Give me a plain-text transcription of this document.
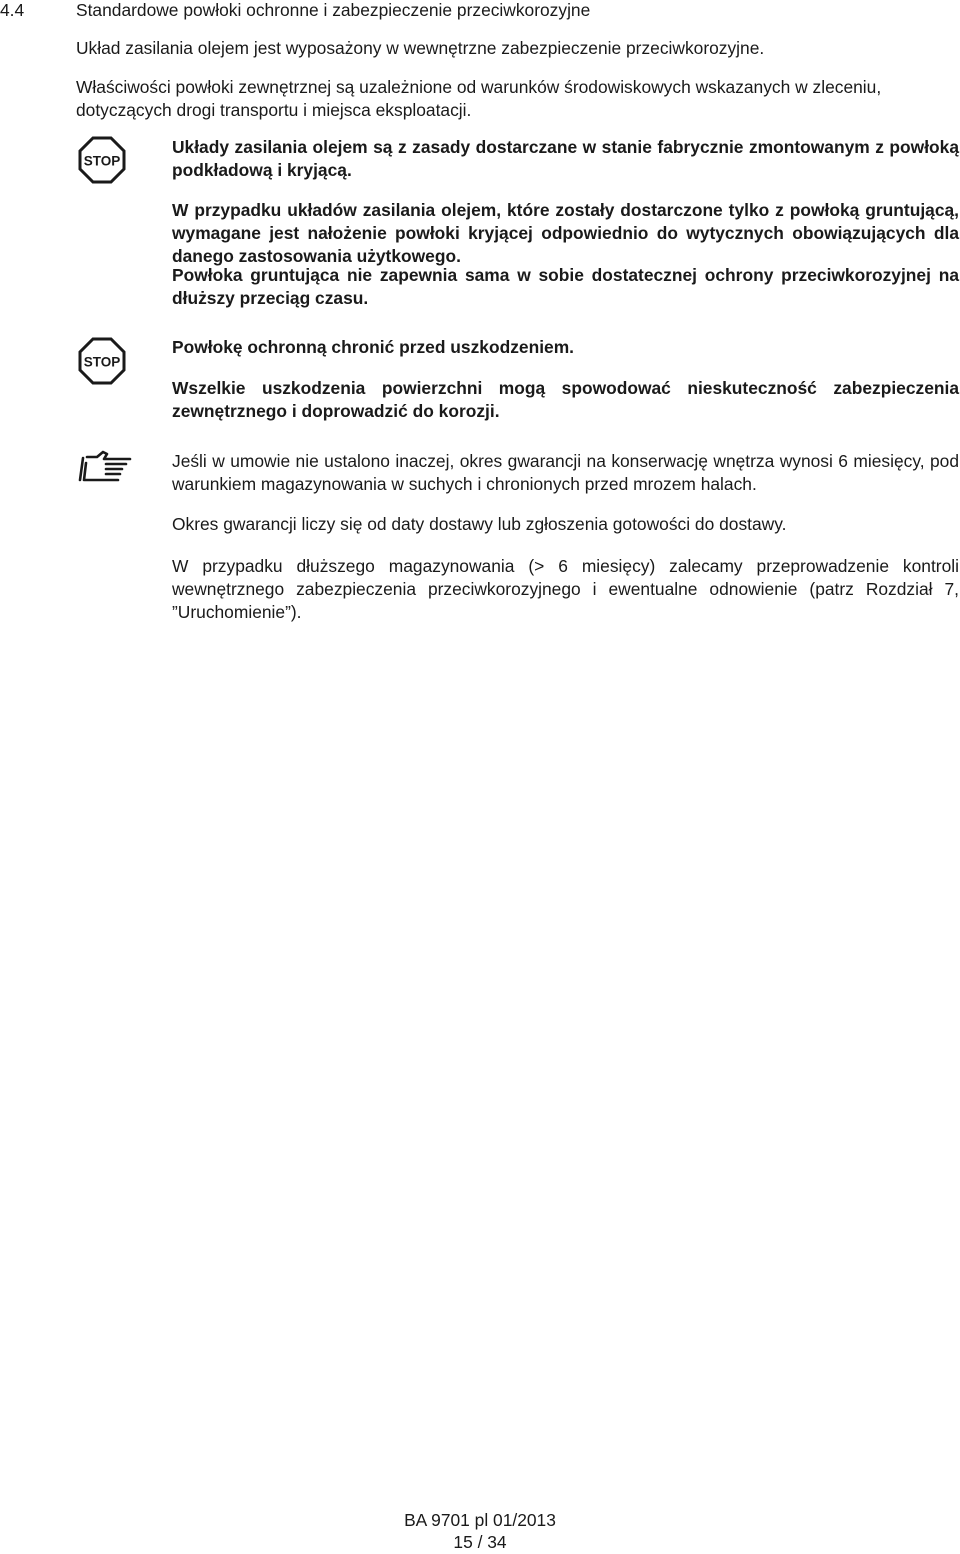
4.4	Standardowe powłoki ochronne i zabezpieczenie przeciwkorozyjne

Układ zasilania olejem jest wyposażony w wewnętrzne zabezpieczenie przeciwkorozyjne.

Właściwości powłoki zewnętrznej są uzależnione od warunków środowiskowych wskazanych w zleceniu, dotyczących drogi transportu i miejsca eksploatacji.

STOP

Układy zasilania olejem są z zasady dostarczane w stanie fabrycznie zmontowanym z powłoką podkładową i kryjącą.

W przypadku układów zasilania olejem, które zostały dostarczone tylko z powłoką gruntującą, wymagane jest nałożenie powłoki kryjącej odpowiednio do wytycznych obowiązujących dla danego zastosowania użytkowego.

Powłoka gruntująca nie zapewnia sama w sobie dostatecznej ochrony przeciwkorozyjnej na dłuższy przeciąg czasu.

STOP

Powłokę ochronną chronić przed uszkodzeniem.

Wszelkie uszkodzenia powierzchni mogą spowodować nieskuteczność zabezpieczenia zewnętrznego i doprowadzić do korozji.

Jeśli w umowie nie ustalono inaczej, okres gwarancji na konserwację wnętrza wynosi 6 miesięcy, pod warunkiem magazynowania w suchych i chronionych przed mrozem halach.

Okres gwarancji liczy się od daty dostawy lub zgłoszenia gotowości do dostawy.

W przypadku dłuższego magazynowania (> 6 miesięcy) zalecamy przeprowadzenie kontroli wewnętrznego zabezpieczenia przeciwkorozyjnego i ewentualne odnowienie (patrz Rozdział 7, ”Uruchomienie”).

BA 9701 pl 01/2013
15 / 34
